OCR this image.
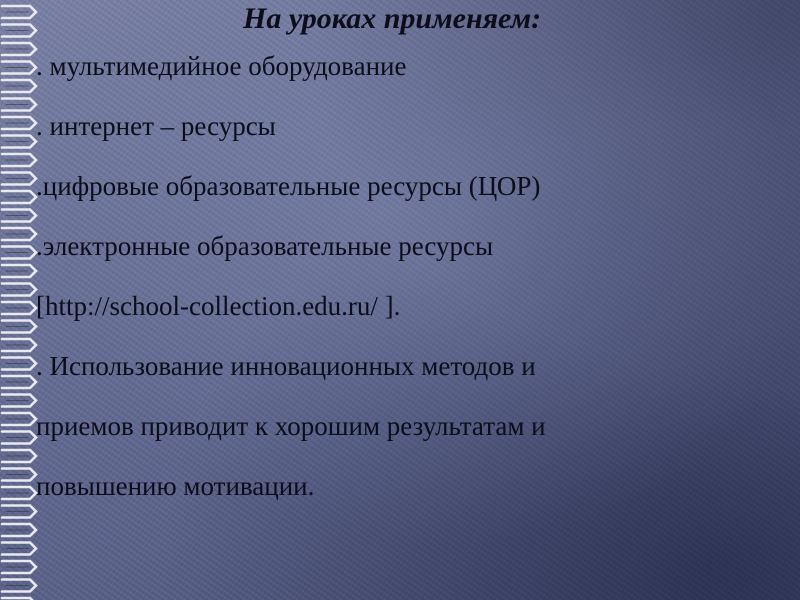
На уроках применяем:

. мультимедийное оборудование

. интернет – ресурсы

.цифровые образовательные ресурсы (ЦОР)

.электронные образовательные ресурсы

[http://school-collection.edu.ru/ ].

. Использование инновационных методов и

приемов приводит к хорошим результатам и

повышению мотивации.
